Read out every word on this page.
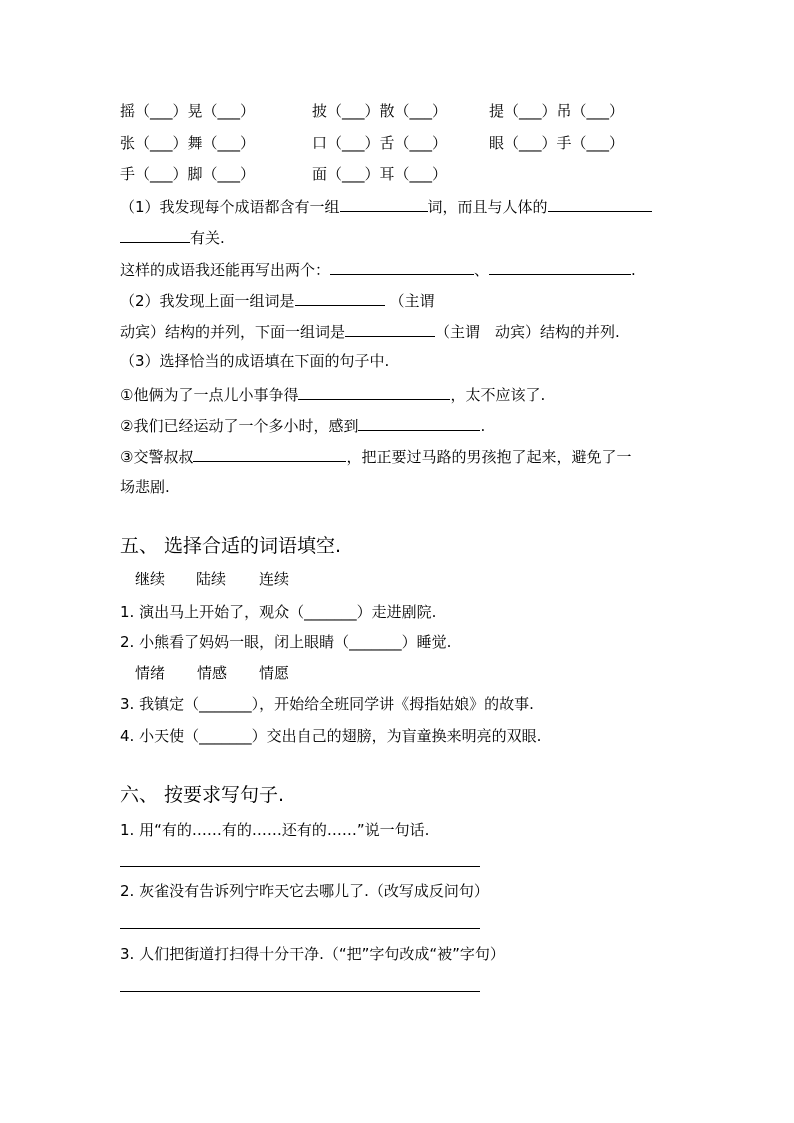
摇（___）晃（___）	披（___）散（___）	提（___）吊（___）
张（___）舞（___）	口（___）舌（___）	眼（___）手（___）
手（___）脚（___）	面（___）耳（___）
（1）我发现每个成语都含有一组	词，而且与人体的
有关.
这样的成语我还能再写出两个：	、	.
（2）我发现上面一组词是	（主谓
动宾）结构的并列，下面一组词是	（主谓　动宾）结构的并列.
（3）选择恰当的成语填在下面的句子中.
①他俩为了一点儿小事争得	，太不应该了.
②我们已经运动了一个多小时，感到	.
③交警叔叔	，把正要过马路的男孩抱了起来，避免了一
场悲剧.
五、 选择合适的词语填空.
继续 陆续 连续
1. 演出马上开始了，观众（_______）走进剧院.
2. 小熊看了妈妈一眼，闭上眼睛（_______）睡觉.
情绪 情感 情愿
3. 我镇定（_______），开始给全班同学讲《拇指姑娘》的故事.
4. 小天使（_______）交出自己的翅膀，为盲童换来明亮的双眼.
六、 按要求写句子.
1. 用“有的……有的……还有的……”说一句话.
2. 灰雀没有告诉列宁昨天它去哪儿了.（改写成反问句）
3. 人们把街道打扫得十分干净.（“把”字句改成“被”字句）
